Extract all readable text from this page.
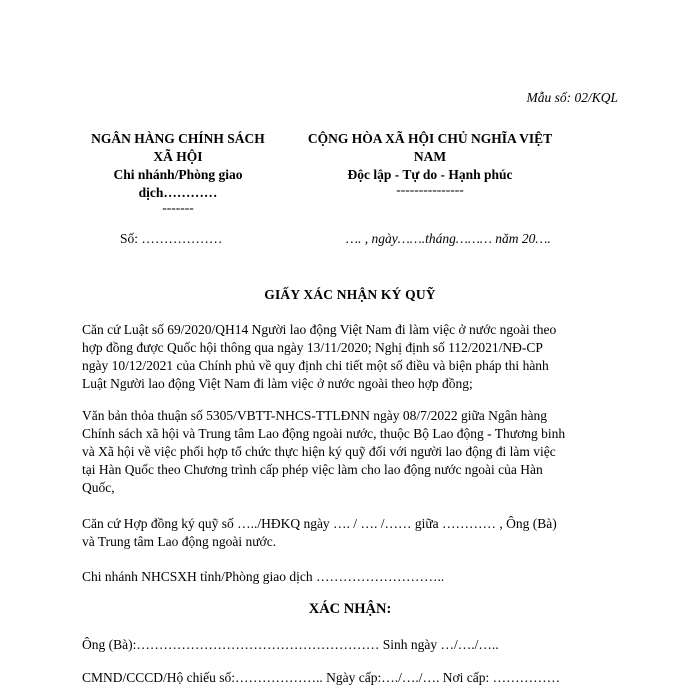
Mẫu số: 02/KQL
NGÂN HÀNG CHÍNH SÁCH
XÃ HỘI
Chi nhánh/Phòng giao
dịch…………
-------
CỘNG HÒA XÃ HỘI CHỦ NGHĨA VIỆT
NAM
Độc lập - Tự do - Hạnh phúc
---------------
Số: ………………	…. , ngày…….tháng……… năm 20….
GIẤY XÁC NHẬN KÝ QUỸ
Căn cứ Luật số 69/2020/QH14 Người lao động Việt Nam đi làm việc ở nước ngoài theo
hợp đồng được Quốc hội thông qua ngày 13/11/2020; Nghị định số 112/2021/NĐ-CP
ngày 10/12/2021 của Chính phủ về quy định chi tiết một số điều và biện pháp thi hành
Luật Người lao động Việt Nam đi làm việc ở nước ngoài theo hợp đồng;
Văn bản thỏa thuận số 5305/VBTT-NHCS-TTLĐNN ngày 08/7/2022 giữa Ngân hàng
Chính sách xã hội và Trung tâm Lao động ngoài nước, thuộc Bộ Lao động - Thương binh
và Xã hội về việc phối hợp tổ chức thực hiện ký quỹ đối với người lao động đi làm việc
tại Hàn Quốc theo Chương trình cấp phép việc làm cho lao động nước ngoài của Hàn
Quốc,
Căn cứ Hợp đồng ký quỹ số …../HĐKQ ngày …. / …. /…… giữa ………… , Ông (Bà)
và Trung tâm Lao động ngoài nước.
Chi nhánh NHCSXH tỉnh/Phòng giao dịch ………………………..
XÁC NHẬN:
Ông (Bà):……………………………………………… Sinh ngày …/…./…..
CMND/CCCD/Hộ chiếu số:……………….. Ngày cấp:…./…./…. Nơi cấp: ……………
